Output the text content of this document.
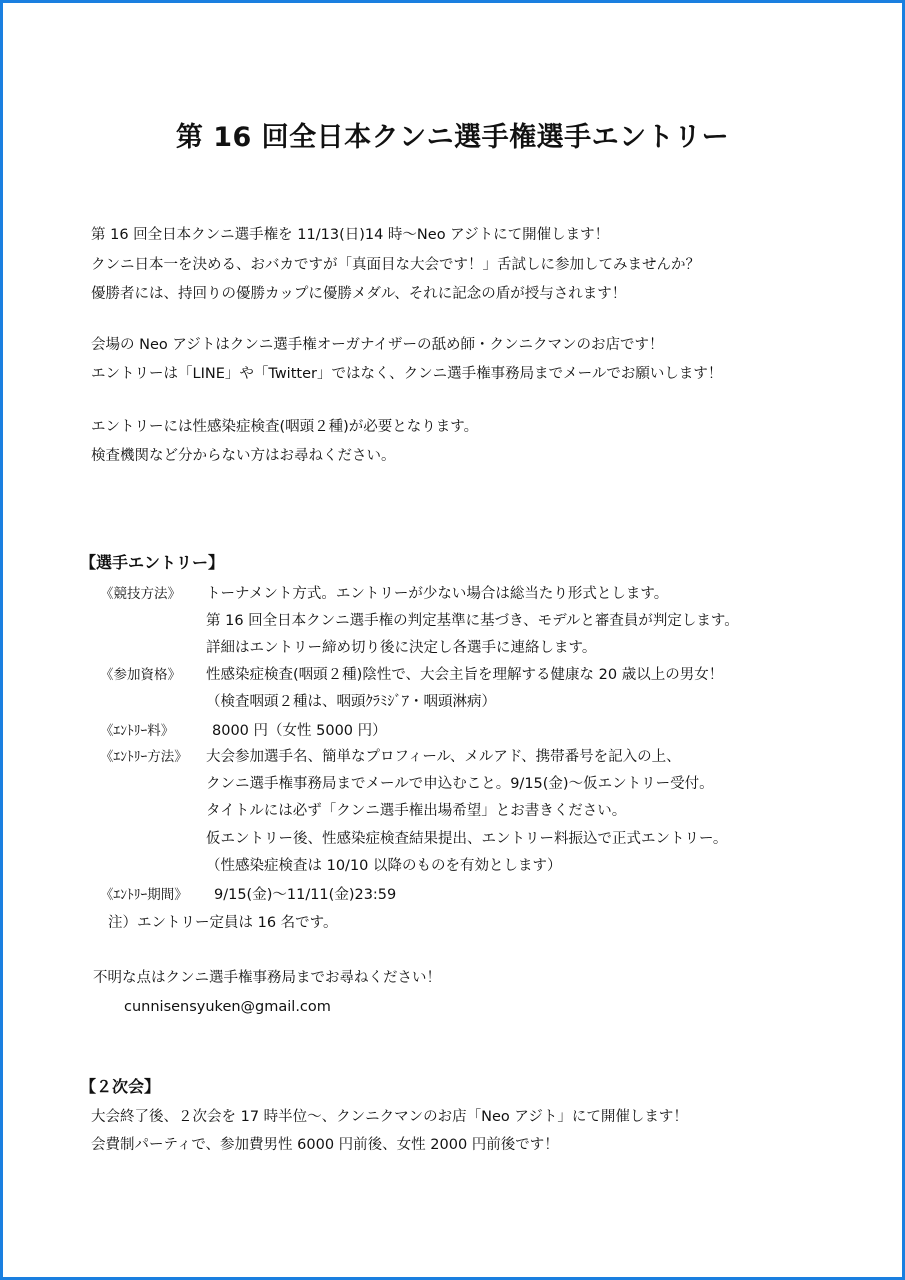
第 16 回全日本クンニ選手権選手エントリー
第 16 回全日本クンニ選手権を 11/13(日)14 時～Neo アジトにて開催します！
クンニ日本一を決める、おバカですが「真面目な大会です！」舌試しに参加してみませんか？
優勝者には、持回りの優勝カップに優勝メダル、それに記念の盾が授与されます！
会場の Neo アジトはクンニ選手権オーガナイザーの舐め師・クンニクマンのお店です！
エントリーは「LINE」や「Twitter」ではなく、クンニ選手権事務局までメールでお願いします！
エントリーには性感染症検査(咽頭２種)が必要となります。
検査機関など分からない方はお尋ねください。
【選手エントリー】
《競技方法》 トーナメント方式。エントリーが少ない場合は総当たり形式とします。
第 16 回全日本クンニ選手権の判定基準に基づき、モデルと審査員が判定します。
詳細はエントリー締め切り後に決定し各選手に連絡します。
《参加資格》 性感染症検査(咽頭２種)陰性で、大会主旨を理解する健康な 20 歳以上の男女！
（検査咽頭２種は、咽頭ｸﾗﾐｼﾞｱ・咽頭淋病）
《ｴﾝﾄﾘｰ料》	8000 円（女性 5000 円）
《ｴﾝﾄﾘｰ方法》 大会参加選手名、簡単なプロフィール、メルアド、携帯番号を記入の上、
クンニ選手権事務局までメールで申込むこと。9/15(金)～仮エントリー受付。
タイトルには必ず「クンニ選手権出場希望」とお書きください。
仮エントリー後、性感染症検査結果提出、エントリー料振込で正式エントリー。
（性感染症検査は 10/10 以降のものを有効とします）
《ｴﾝﾄﾘｰ期間》 9/15(金)～11/11(金)23:59
注）エントリー定員は 16 名です。
不明な点はクンニ選手権事務局までお尋ねください！
cunnisensyuken@gmail.com
【２次会】
大会終了後、２次会を 17 時半位～、クンニクマンのお店「Neo アジト」にて開催します！
会費制パーティで、参加費男性 6000 円前後、女性 2000 円前後です！
